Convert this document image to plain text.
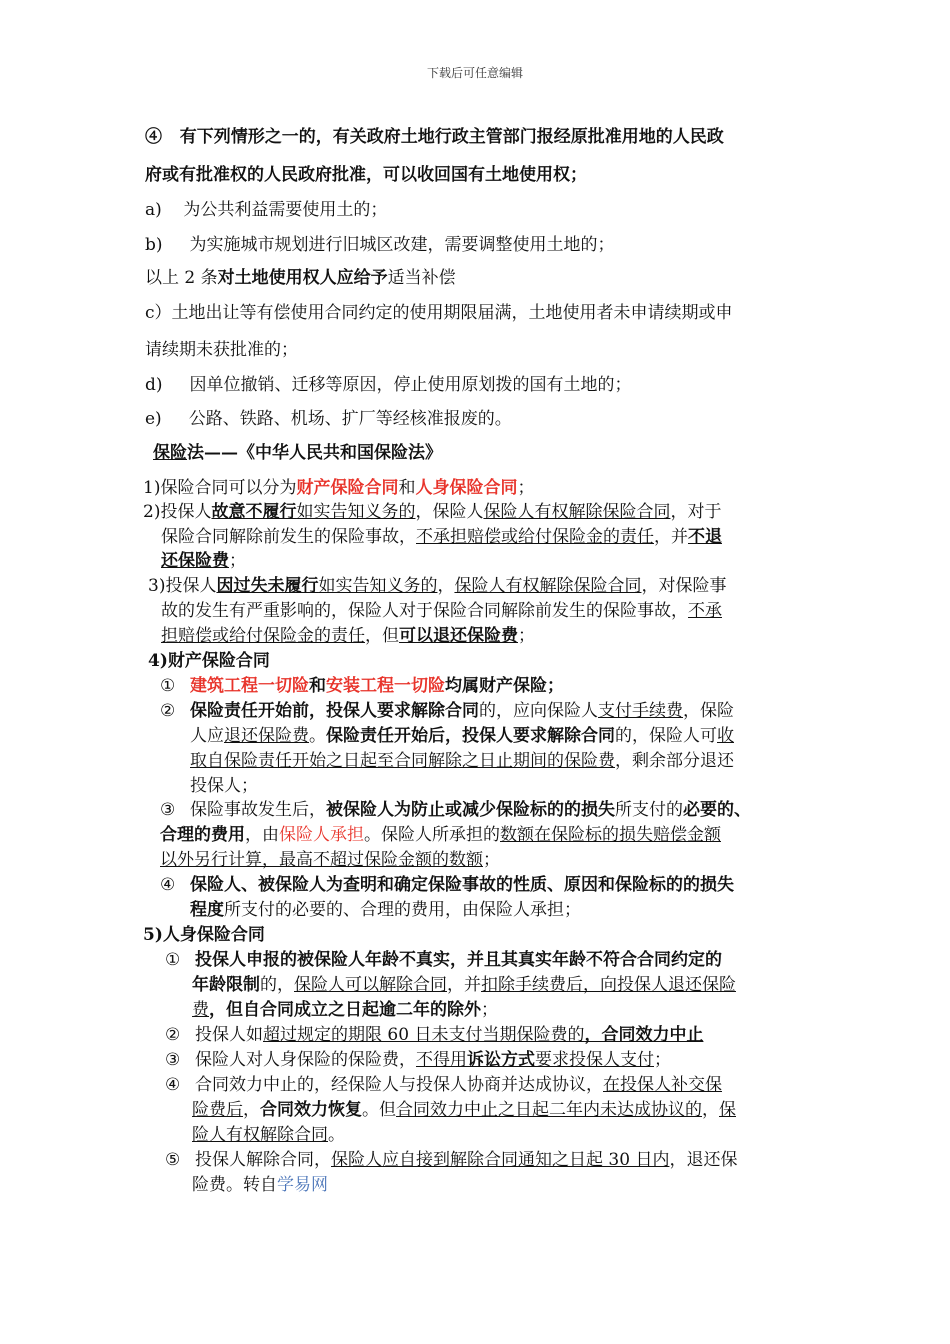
下载后可任意编辑
④ 有下列情形之一的，有关政府土地行政主管部门报经原批准用地的人民政
府或有批准权的人民政府批准，可以收回国有土地使用权；
a) 为公共利益需要使用土的；
b) 为实施城市规划进行旧城区改建，需要调整使用土地的；
以上 2 条对土地使用权人应给予适当补偿
c）土地出让等有偿使用合同约定的使用期限届满，土地使用者未申请续期或申
请续期未获批准的；
d) 因单位撤销、迁移等原因，停止使用原划拨的国有土地的；
e) 公路、铁路、机场、扩厂等经核准报废的。
保险法——《中华人民共和国保险法》
1)保险合同可以分为财产保险合同和人身保险合同；
2)投保人故意不履行如实告知义务的，保险人保险人有权解除保险合同，对于
保险合同解除前发生的保险事故，不承担赔偿或给付保险金的责任，并不退
还保险费；
3)投保人因过失未履行如实告知义务的，保险人有权解除保险合同，对保险事
故的发生有严重影响的，保险人对于保险合同解除前发生的保险事故，不承
担赔偿或给付保险金的责任，但可以退还保险费；
4)财产保险合同
① 建筑工程一切险和安装工程一切险均属财产保险；
② 保险责任开始前，投保人要求解除合同的，应向保险人支付手续费，保险
人应退还保险费。保险责任开始后，投保人要求解除合同的，保险人可收
取自保险责任开始之日起至合同解除之日止期间的保险费，剩余部分退还
投保人；
③ 保险事故发生后，被保险人为防止或减少保险标的的损失所支付的必要的、
合理的费用，由保险人承担。保险人所承担的数额在保险标的损失赔偿金额
以外另行计算，最高不超过保险金额的数额；
④ 保险人、被保险人为查明和确定保险事故的性质、原因和保险标的的损失
程度所支付的必要的、合理的费用，由保险人承担；
5)人身保险合同
① 投保人申报的被保险人年龄不真实，并且其真实年龄不符合合同约定的
年龄限制的，保险人可以解除合同，并扣除手续费后，向投保人退还保险
费，但自合同成立之日起逾二年的除外；
② 投保人如超过规定的期限 60 日未支付当期保险费的，合同效力中止
③ 保险人对人身保险的保险费，不得用诉讼方式要求投保人支付；
④ 合同效力中止的，经保险人与投保人协商并达成协议，在投保人补交保
险费后，合同效力恢复。但合同效力中止之日起二年内未达成协议的，保
险人有权解除合同。
⑤ 投保人解除合同，保险人应自接到解除合同通知之日起 30 日内，退还保
险费。转自学易网
